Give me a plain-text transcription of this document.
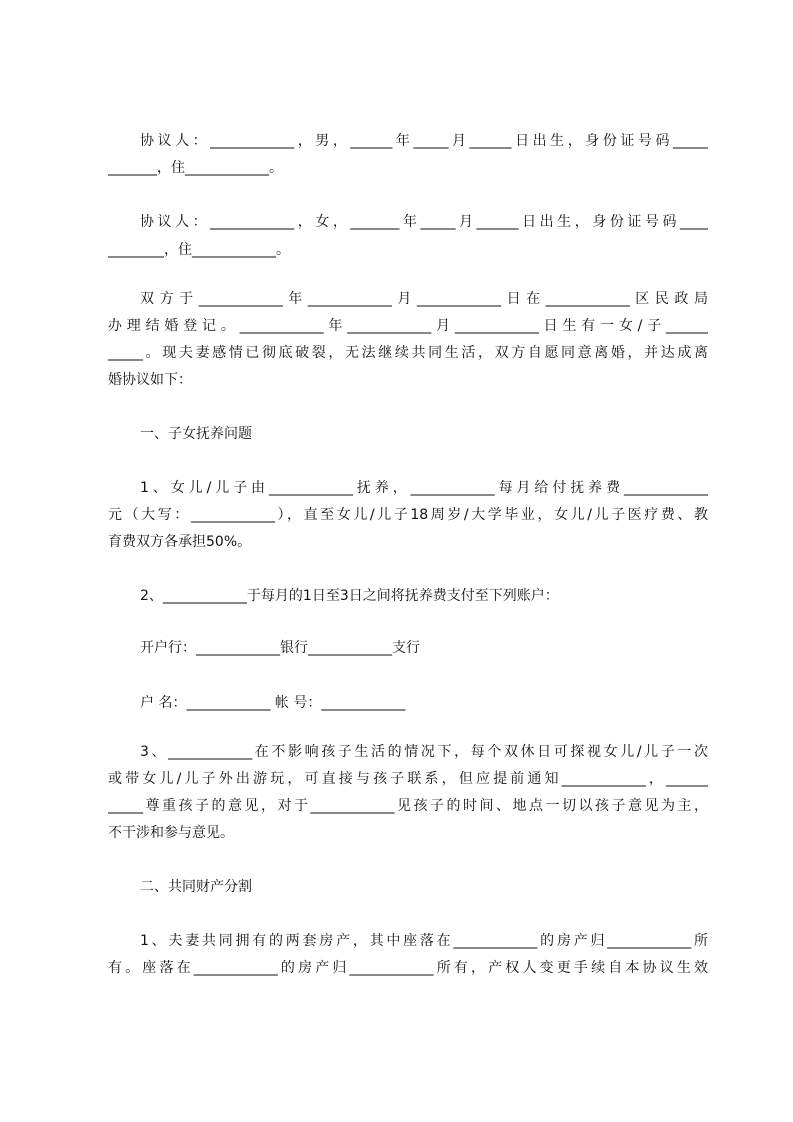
协议人：____________，男，______年_____月______日出生，身份证号码_____
_______，住____________。
协议人：____________，女，_______年_____月______日出生，身份证号码____
________，住____________。
双方于____________年____________月____________日在____________区民政局
办理结婚登记。____________年____________月____________日生有一女/子______
_____。现夫妻感情已彻底破裂，无法继续共同生活，双方自愿同意离婚，并达成离
婚协议如下：
一、子女抚养问题
1、女儿/儿子由____________抚养，____________每月给付抚养费____________
元（大写：____________），直至女儿/儿子18周岁/大学毕业，女儿/儿子医疗费、教
育费双方各承担50%。
2、____________于每月的1日至3日之间将抚养费支付至下列账户：
开户行：____________银行____________支行
户 名：____________ 帐 号：____________
3、____________在不影响孩子生活的情况下，每个双休日可探视女儿/儿子一次
或带女儿/儿子外出游玩，可直接与孩子联系，但应提前通知____________，______
_____尊重孩子的意见，对于____________见孩子的时间、地点一切以孩子意见为主，
不干涉和参与意见。
二、共同财产分割
1、夫妻共同拥有的两套房产，其中座落在____________的房产归____________所
有。座落在____________的房产归____________所有，产权人变更手续自本协议生效
